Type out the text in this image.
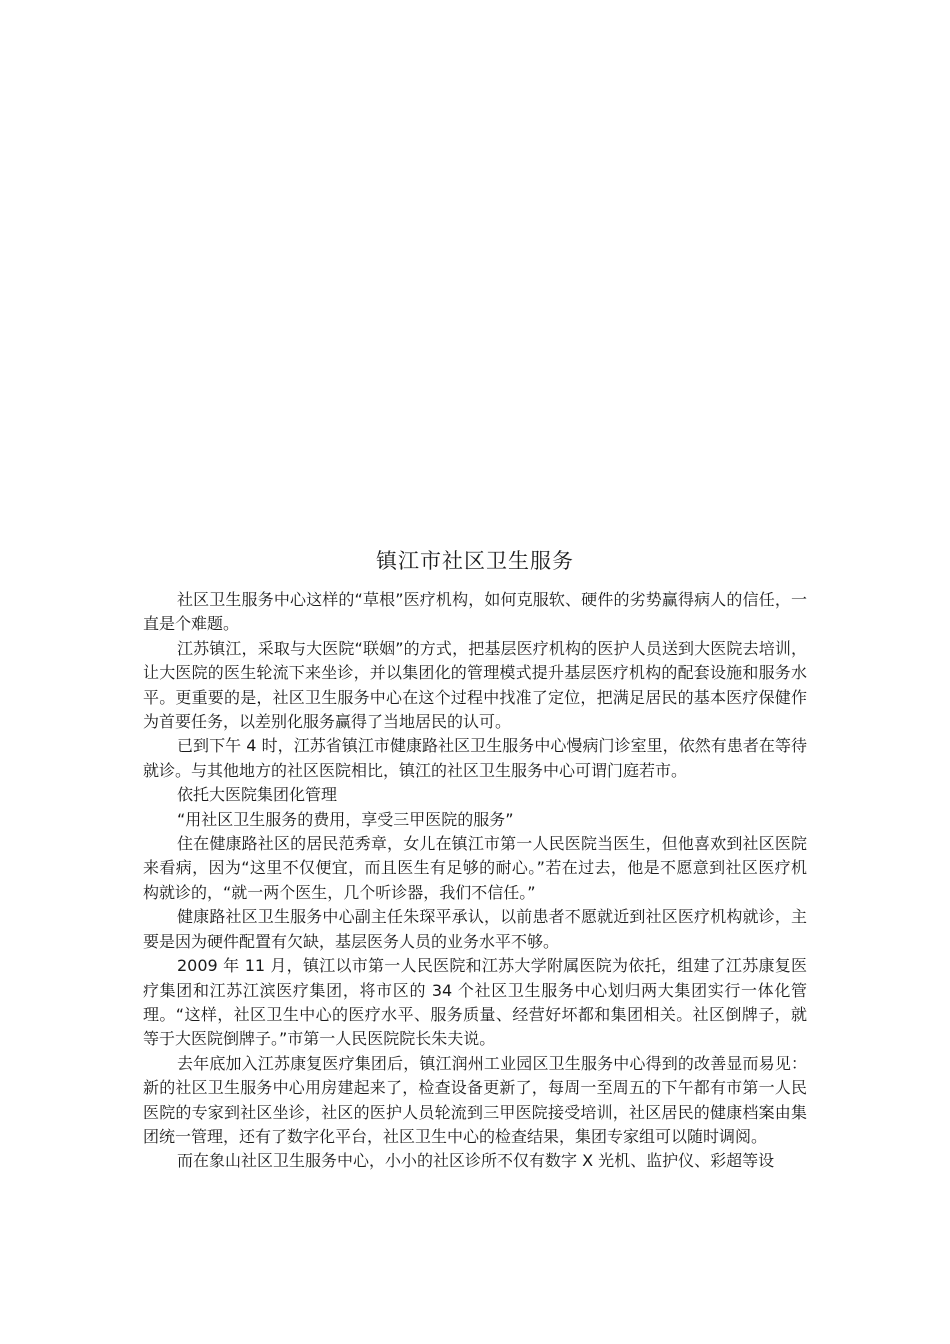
镇江市社区卫生服务

社区卫生服务中心这样的“草根”医疗机构，如何克服软、硬件的劣势赢得病人的信任，一直是个难题。

江苏镇江，采取与大医院“联姻”的方式，把基层医疗机构的医护人员送到大医院去培训，让大医院的医生轮流下来坐诊，并以集团化的管理模式提升基层医疗机构的配套设施和服务水平。更重要的是，社区卫生服务中心在这个过程中找准了定位，把满足居民的基本医疗保健作为首要任务，以差别化服务赢得了当地居民的认可。

已到下午 4 时，江苏省镇江市健康路社区卫生服务中心慢病门诊室里，依然有患者在等待就诊。与其他地方的社区医院相比，镇江的社区卫生服务中心可谓门庭若市。

依托大医院集团化管理

“用社区卫生服务的费用，享受三甲医院的服务”

住在健康路社区的居民范秀章，女儿在镇江市第一人民医院当医生，但他喜欢到社区医院来看病，因为“这里不仅便宜，而且医生有足够的耐心。”若在过去，他是不愿意到社区医疗机构就诊的，“就一两个医生，几个听诊器，我们不信任。”

健康路社区卫生服务中心副主任朱琛平承认，以前患者不愿就近到社区医疗机构就诊，主要是因为硬件配置有欠缺，基层医务人员的业务水平不够。

2009 年 11 月，镇江以市第一人民医院和江苏大学附属医院为依托，组建了江苏康复医疗集团和江苏江滨医疗集团，将市区的 34 个社区卫生服务中心划归两大集团实行一体化管理。“这样，社区卫生中心的医疗水平、服务质量、经营好坏都和集团相关。社区倒牌子，就等于大医院倒牌子。”市第一人民医院院长朱夫说。

去年底加入江苏康复医疗集团后，镇江润州工业园区卫生服务中心得到的改善显而易见：新的社区卫生服务中心用房建起来了，检查设备更新了，每周一至周五的下午都有市第一人民医院的专家到社区坐诊，社区的医护人员轮流到三甲医院接受培训，社区居民的健康档案由集团统一管理，还有了数字化平台，社区卫生中心的检查结果，集团专家组可以随时调阅。

而在象山社区卫生服务中心，小小的社区诊所不仅有数字 X 光机、监护仪、彩超等设
